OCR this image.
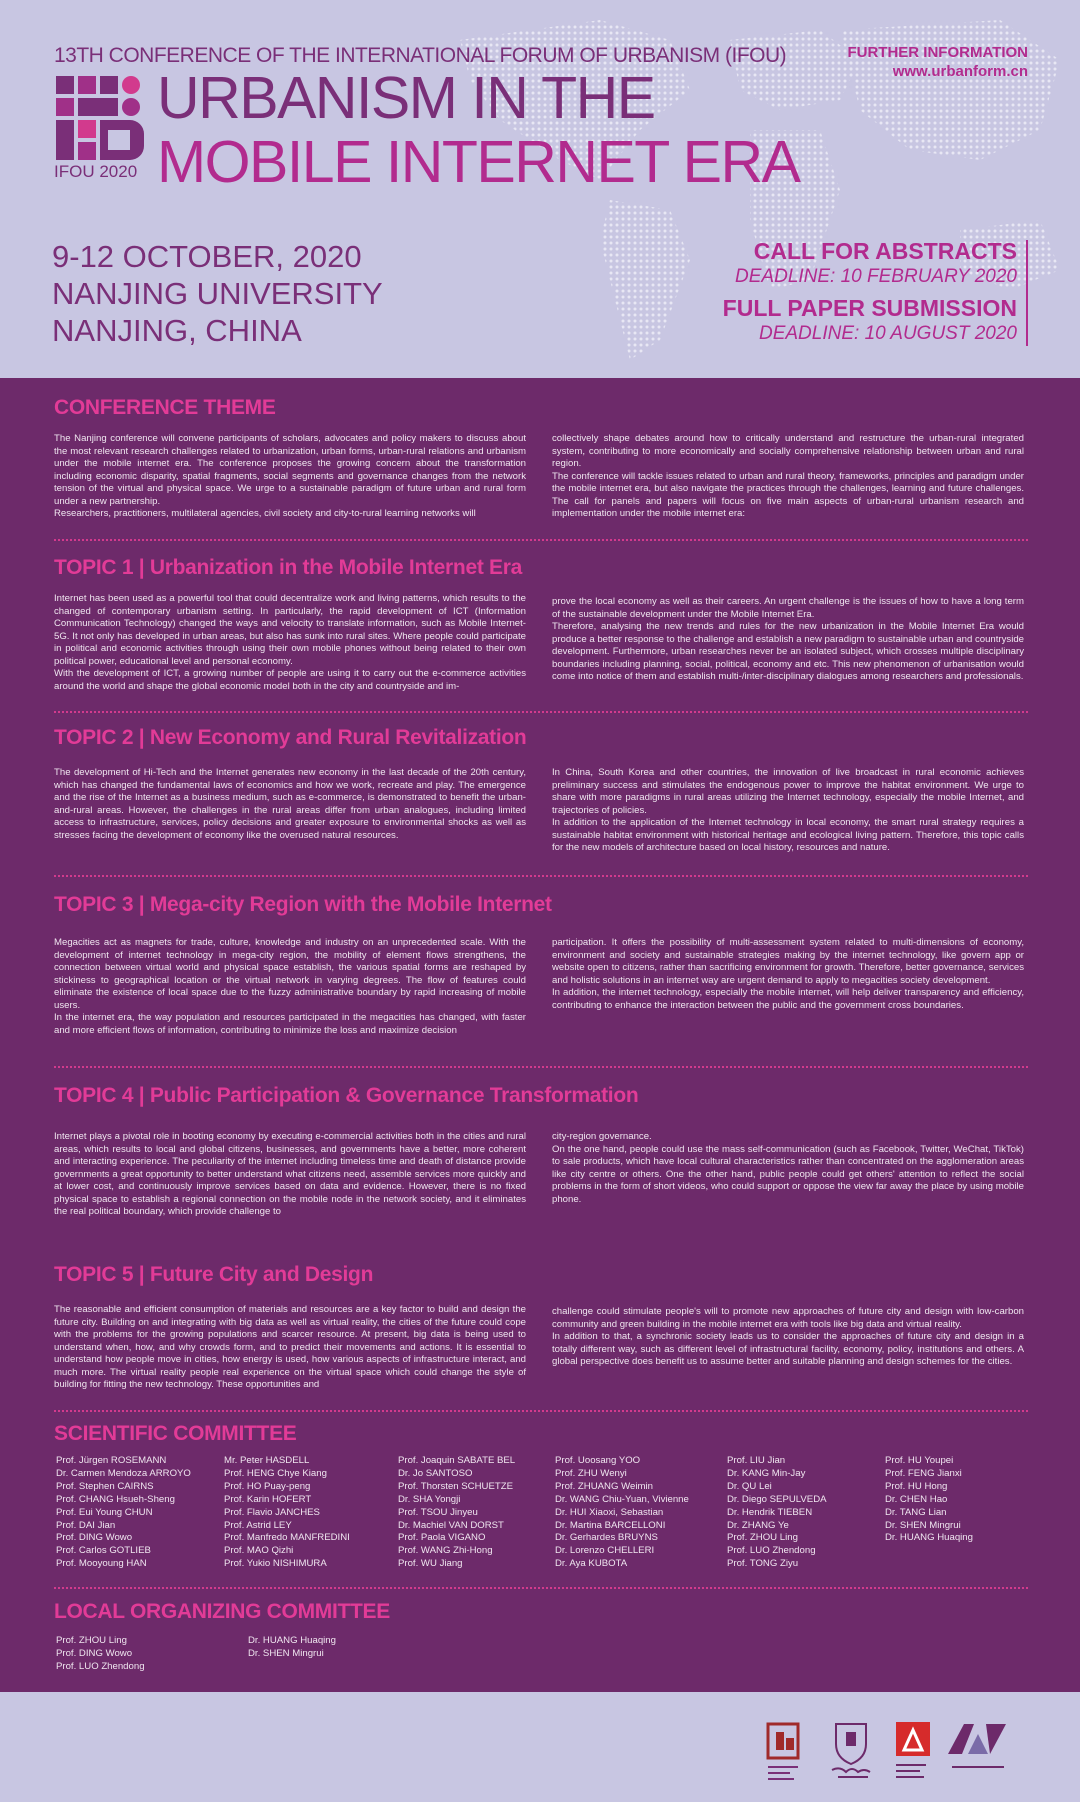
13TH CONFERENCE OF THE INTERNATIONAL FORUM OF URBANISM (IFOU)
IFOU 2020
URBANISM IN THE
MOBILE INTERNET ERA
FURTHER INFORMATION
www.urbanform.cn
9-12 OCTOBER, 2020
NANJING UNIVERSITY
NANJING, CHINA
CALL FOR ABSTRACTS
DEADLINE: 10 FEBRUARY 2020
FULL PAPER SUBMISSION
DEADLINE: 10 AUGUST 2020
CONFERENCE THEME

The Nanjing conference will convene participants of scholars, advocates and policy makers to discuss about the most relevant research challenges related to urbanization, urban forms, urban-rural relations and urbanism under the mobile internet era. The conference proposes the growing concern about the transformation including economic disparity, spatial fragments, social segments and governance changes from the network tension of the virtual and physical space. We urge to a sustainable paradigm of future urban and rural form under a new partnership.

Researchers, practitioners, multilateral agencies, civil society and city-to-rural learning networks will

collectively shape debates around how to critically understand and restructure the urban-rural integrated system, contributing to more economically and socially comprehensive relationship between urban and rural region.

The conference will tackle issues related to urban and rural theory, frameworks, principles and paradigm under the mobile internet era, but also navigate the practices through the challenges, learning and future challenges. The call for panels and papers will focus on five main aspects of urban-rural urbanism research and implementation under the mobile internet era:

TOPIC 1 | Urbanization in the Mobile Internet Era

Internet has been used as a powerful tool that could decentralize work and living patterns, which results to the changed of contemporary urbanism setting. In particularly, the rapid development of ICT (Information Communication Technology) changed the ways and velocity to translate information, such as Mobile Internet-5G. It not only has developed in urban areas, but also has sunk into rural sites. Where people could participate in political and economic activities through using their own mobile phones without being related to their own political power, educational level and personal economy.

With the development of ICT, a growing number of people are using it to carry out the e-commerce activities around the world and shape the global economic model both in the city and countryside and im-

prove the local economy as well as their careers. An urgent challenge is the issues of how to have a long term of the sustainable development under the Mobile Internet Era.

Therefore, analysing the new trends and rules for the new urbanization in the Mobile Internet Era would produce a better response to the challenge and establish a new paradigm to sustainable urban and countryside development. Furthermore, urban researches never be an isolated subject, which crosses multiple disciplinary boundaries including planning, social, political, economy and etc. This new phenomenon of urbanisation would come into notice of them and establish multi-/inter-disciplinary dialogues among researchers and professionals.

TOPIC 2 | New Economy and Rural Revitalization

The development of Hi-Tech and the Internet generates new economy in the last decade of the 20th century, which has changed the fundamental laws of economics and how we work, recreate and play. The emergence and the rise of the Internet as a business medium, such as e-commerce, is demonstrated to benefit the urban-and-rural areas. However, the challenges in the rural areas differ from urban analogues, including limited access to infrastructure, services, policy decisions and greater exposure to environmental shocks as well as stresses facing the development of economy like the overused natural resources.

In China, South Korea and other countries, the innovation of live broadcast in rural economic achieves preliminary success and stimulates the endogenous power to improve the habitat environment. We urge to share with more paradigms in rural areas utilizing the Internet technology, especially the mobile Internet, and trajectories of policies.

In addition to the application of the Internet technology in local economy, the smart rural strategy requires a sustainable habitat environment with historical heritage and ecological living pattern. Therefore, this topic calls for the new models of architecture based on local history, resources and nature.

TOPIC 3 | Mega-city Region with the Mobile Internet

Megacities act as magnets for trade, culture, knowledge and industry on an unprecedented scale. With the development of internet technology in mega-city region, the mobility of element flows strengthens, the connection between virtual world and physical space establish, the various spatial forms are reshaped by stickiness to geographical location or the virtual network in varying degrees. The flow of features could eliminate the existence of local space due to the fuzzy administrative boundary by rapid increasing of mobile users.

In the internet era, the way population and resources participated in the megacities has changed, with faster and more efficient flows of information, contributing to minimize the loss and maximize decision

participation. It offers the possibility of multi-assessment system related to multi-dimensions of economy, environment and society and sustainable strategies making by the internet technology, like govern app or website open to citizens, rather than sacrificing environment for growth. Therefore, better governance, services and holistic solutions in an internet way are urgent demand to apply to megacities society development.

In addition, the internet technology, especially the mobile internet, will help deliver transparency and efficiency, contributing to enhance the interaction between the public and the government cross boundaries.

TOPIC 4 | Public Participation & Governance Transformation

Internet plays a pivotal role in booting economy by executing e-commercial activities both in the cities and rural areas, which results to local and global citizens, businesses, and governments have a better, more coherent and interacting experience. The peculiarity of the internet including timeless time and death of distance provide governments a great opportunity to better understand what citizens need, assemble services more quickly and at lower cost, and continuously improve services based on data and evidence. However, there is no fixed physical space to establish a regional connection on the mobile node in the network society, and it eliminates the real political boundary, which provide challenge to

city-region governance.

On the one hand, people could use the mass self-communication (such as Facebook, Twitter, WeChat, TikTok) to sale products, which have local cultural characteristics rather than concentrated on the agglomeration areas like city centre or others. One the other hand, public people could get others' attention to reflect the social problems in the form of short videos, who could support or oppose the view far away the place by using mobile phone.

TOPIC 5 | Future City and Design

The reasonable and efficient consumption of materials and resources are a key factor to build and design the future city. Building on and integrating with big data as well as virtual reality, the cities of the future could cope with the problems for the growing populations and scarcer resource. At present, big data is being used to understand when, how, and why crowds form, and to predict their movements and actions. It is essential to understand how people move in cities, how energy is used, how various aspects of infrastructure interact, and much more. The virtual reality people real experience on the virtual space which could change the style of building for fitting the new technology. These opportunities and

challenge could stimulate people's will to promote new approaches of future city and design with low-carbon community and green building in the mobile internet era with tools like big data and virtual reality.

In addition to that, a synchronic society leads us to consider the approaches of future city and design in a totally different way, such as different level of infrastructural facility, economy, policy, institutions and others. A global perspective does benefit us to assume better and suitable planning and design schemes for the cities.

SCIENTIFIC COMMITTEE
Prof. Jürgen ROSEMANN
Dr. Carmen Mendoza ARROYO
Prof. Stephen CAIRNS
Prof. CHANG Hsueh-Sheng
Prof. Eui Young CHUN
Prof. DAI Jian
Prof. DING Wowo
Prof. Carlos GOTLIEB
Prof. Mooyoung HAN
Mr. Peter HASDELL
Prof. HENG Chye Kiang
Prof. HO Puay-peng
Prof. Karin HOFERT
Prof. Flavio JANCHES
Prof. Astrid LEY
Prof. Manfredo MANFREDINI
Prof. MAO Qizhi
Prof. Yukio NISHIMURA
Prof. Joaquin SABATE BEL
Dr. Jo SANTOSO
Prof. Thorsten SCHUETZE
Dr. SHA Yongji
Prof. TSOU Jinyeu
Dr. Machiel VAN DORST
Prof. Paola VIGANO
Prof. WANG Zhi-Hong
Prof. WU Jiang
Prof. Uoosang YOO
Prof. ZHU Wenyi
Prof. ZHUANG Weimin
Dr. WANG Chiu-Yuan, Vivienne
Dr. HUI Xiaoxi, Sebastian
Dr. Martina BARCELLONI
Dr. Gerhardes BRUYNS
Dr. Lorenzo CHELLERI
Dr. Aya KUBOTA
Prof. LIU Jian
Dr. KANG Min-Jay
Dr. QU Lei
Dr. Diego SEPULVEDA
Dr. Hendrik TIEBEN
Dr. ZHANG Ye
Prof. ZHOU Ling
Prof. LUO Zhendong
Prof. TONG Ziyu
Prof. HU Youpei
Prof. FENG Jianxi
Prof. HU Hong
Dr. CHEN Hao
Dr. TANG Lian
Dr. SHEN Mingrui
Dr. HUANG Huaqing
LOCAL ORGANIZING COMMITTEE
Prof. ZHOU Ling
Prof. DING Wowo
Prof. LUO Zhendong
Dr. HUANG Huaqing
Dr. SHEN Mingrui
